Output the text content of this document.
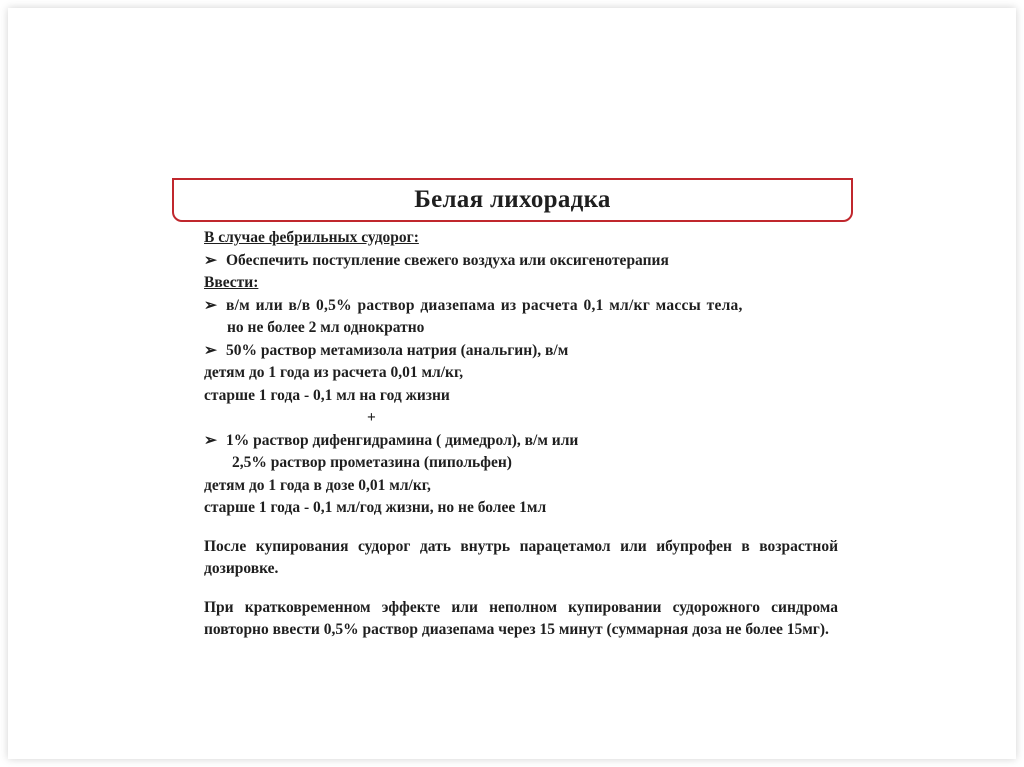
Белая лихорадка
В случае фебрильных судорог:
➢ Обеспечить поступление свежего воздуха или оксигенотерапия
Ввести:
➢ в/м или в/в 0,5% раствор диазепама из расчета 0,1 мл/кг массы тела,
но не более 2 мл однократно
➢ 50% раствор метамизола натрия (анальгин), в/м
детям до 1 года из расчета 0,01 мл/кг,
старше 1 года - 0,1 мл на год жизни
+
➢ 1% раствор дифенгидрамина ( димедрол), в/м или
2,5% раствор прометазина (пипольфен)
детям до 1 года в дозе 0,01 мл/кг,
старше 1 года - 0,1 мл/год жизни, но не более 1мл
После купирования судорог дать внутрь парацетамол или ибупрофен в возрастной дозировке.
При кратковременном эффекте или неполном купировании судорожного синдрома повторно ввести 0,5% раствор диазепама через 15 минут (суммарная доза не более 15мг).
